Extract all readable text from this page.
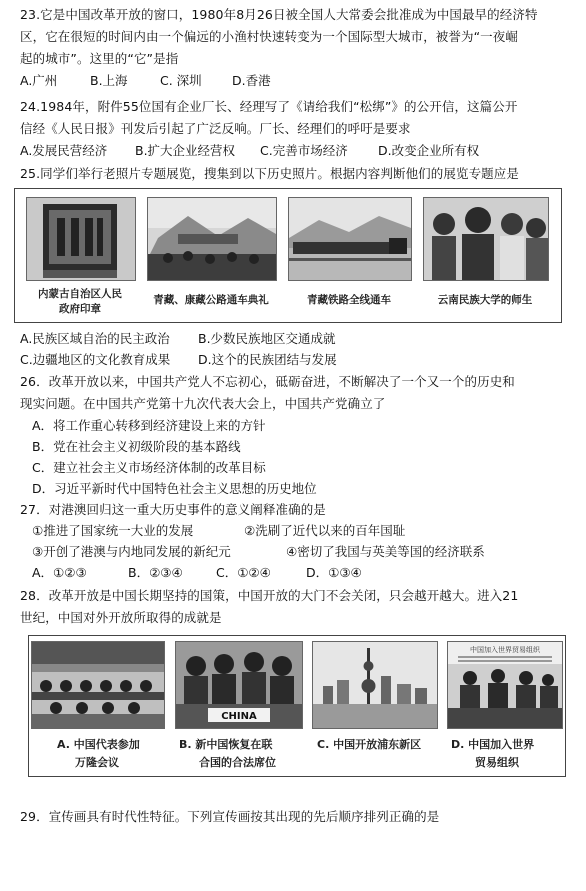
23.它是中国改革开放的窗口，1980年8月26日被全国人大常委会批准成为中国最早的经济特
区，它在很短的时间内由一个偏远的小渔村快速转变为一个国际型大城市，被誉为“一夜崛
起的城市”。这里的“它”是指
A.广州	B.上海	C. 深圳 D.香港
24.1984年，附件55位国有企业厂长、经理写了《请给我们“松绑”》的公开信，这篇公开
信经《人民日报》刊发后引起了广泛反响。厂长、经理们的呼吁是要求
A.发展民营经济 B.扩大企业经营权 C.完善市场经济 D.改变企业所有权
25.同学们举行老照片专题展览，搜集到以下历史照片。根据内容判断他们的展览专题应是
内蒙古自治区人民
政府印章
青藏、康藏公路通车典礼	青藏铁路全线通车	云南民族大学的师生
A.民族区域自治的民主政治 B.少数民族地区交通成就
C.边疆地区的文化教育成果 D.这个的民族团结与发展
26．改革开放以来，中国共产党人不忘初心，砥砺奋进，不断解决了一个又一个的历史和
现实问题。在中国共产党第十九次代表大会上，中国共产党确立了
A．将工作重心转移到经济建设上来的方针
B．党在社会主义初级阶段的基本路线
C．建立社会主义市场经济体制的改革目标
D．习近平新时代中国特色社会主义思想的历史地位
27．对港澳回归这一重大历史事件的意义阐释准确的是
①推进了国家统一大业的发展	②洗刷了近代以来的百年国耻
③开创了港澳与内地同发展的新纪元	④密切了我国与英美等国的经济联系
A．①②③	B．②③④	C．①②④	D．①③④
28．改革开放是中国长期坚持的国策，中国开放的大门不会关闭，只会越开越大。进入21
世纪，中国对外开放所取得的成就是
CHINA
中国加入世界贸易组织
A. 中国代表参加
万隆会议
B. 新中国恢复在联
合国的合法席位
C. 中国开放浦东新区	D. 中国加入世界
贸易组织
29．宣传画具有时代性特征。下列宣传画按其出现的先后顺序排列正确的是
